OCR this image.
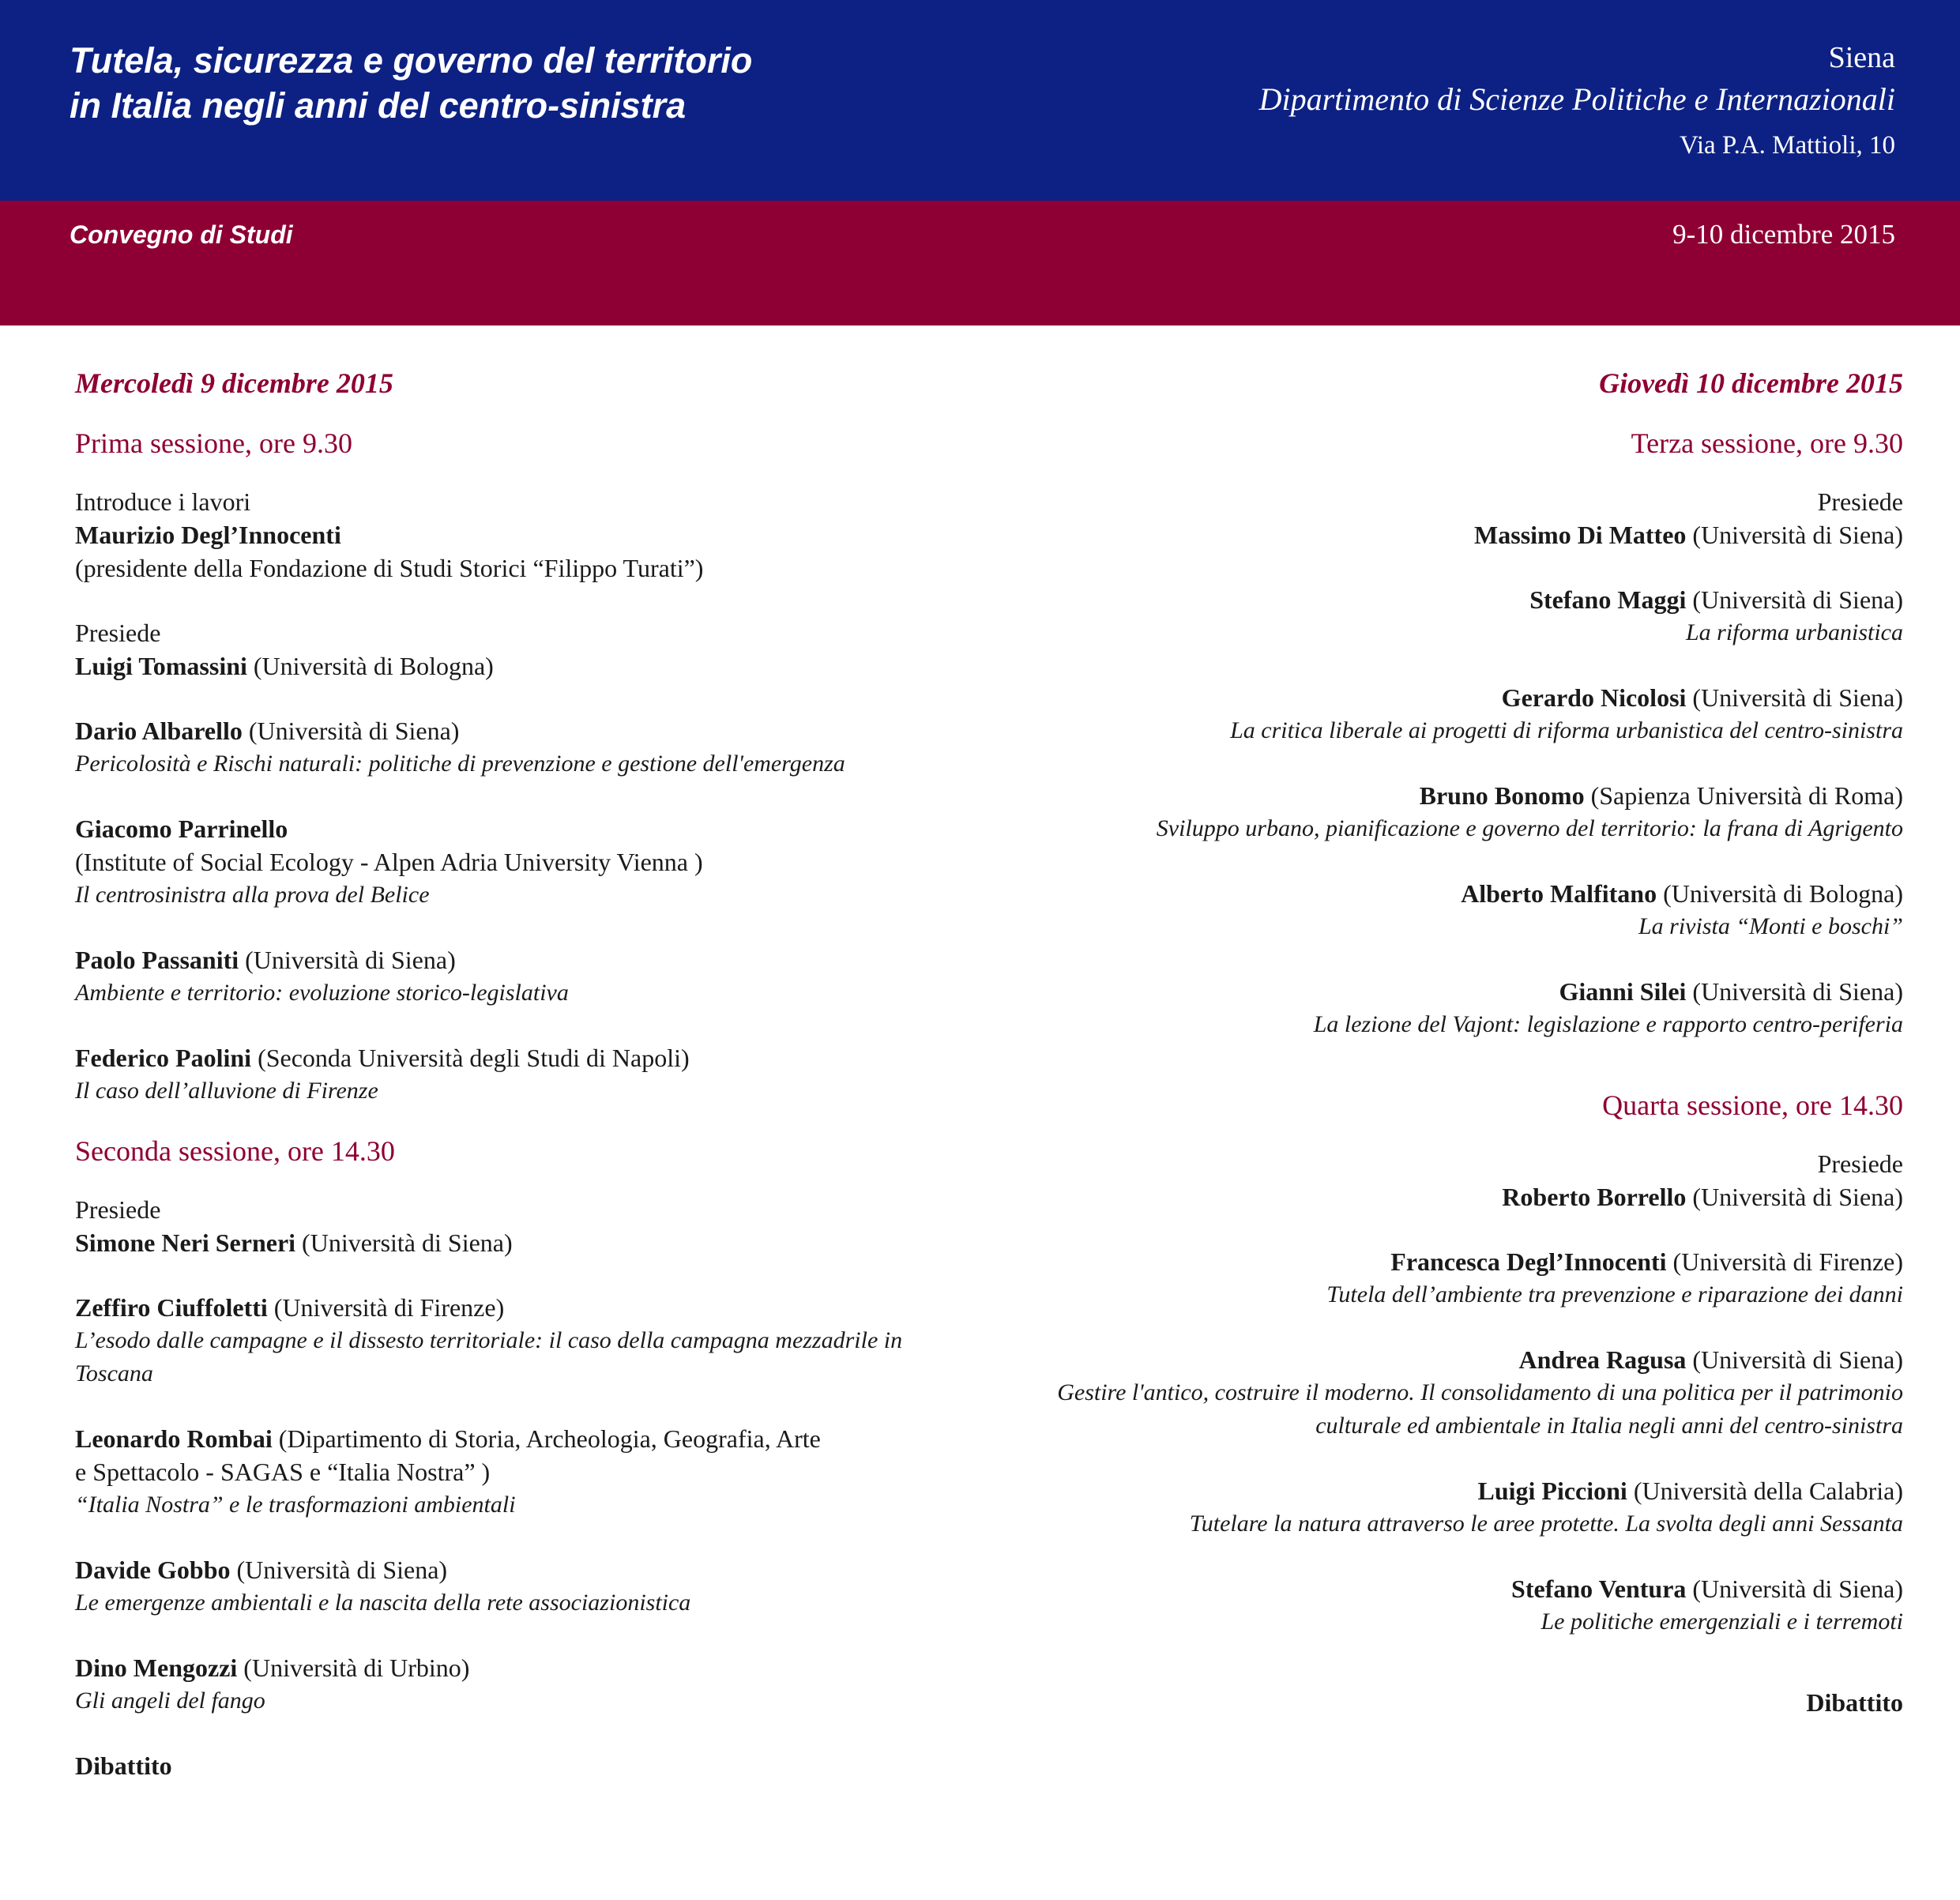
Tutela, sicurezza e governo del territorio
in Italia negli anni del centro-sinistra
Siena
Dipartimento di Scienze Politiche e Internazionali
Via P.A. Mattioli, 10
Convegno di Studi	9-10 dicembre 2015
Mercoledì 9 dicembre 2015
Prima sessione, ore 9.30
Introduce i lavori
Maurizio Degl’Innocenti
(presidente della Fondazione di Studi Storici “Filippo Turati”)
Presiede
Luigi Tomassini (Università di Bologna)
Dario Albarello (Università di Siena)
Pericolosità e Rischi naturali: politiche di prevenzione e gestione dell'emergenza
Giacomo Parrinello
(Institute of Social Ecology - Alpen Adria University Vienna )
Il centrosinistra alla prova del Belice
Paolo Passaniti (Università di Siena)
Ambiente e territorio: evoluzione storico-legislativa
Federico Paolini (Seconda Università degli Studi di Napoli)
Il caso dell’alluvione di Firenze
Seconda sessione, ore 14.30
Presiede
Simone Neri Serneri (Università di Siena)
Zeffiro Ciuffoletti (Università di Firenze)
L’esodo dalle campagne e il dissesto territoriale: il caso della campagna mezzadrile in
Toscana
Leonardo Rombai (Dipartimento di Storia, Archeologia, Geografia, Arte
e Spettacolo - SAGAS e “Italia Nostra” )
“Italia Nostra” e le trasformazioni ambientali
Davide Gobbo (Università di Siena)
Le emergenze ambientali e la nascita della rete associazionistica
Dino Mengozzi (Università di Urbino)
Gli angeli del fango
Dibattito
Giovedì 10 dicembre 2015
Terza sessione, ore 9.30
Presiede
Massimo Di Matteo (Università di Siena)
Stefano Maggi (Università di Siena)
La riforma urbanistica
Gerardo Nicolosi (Università di Siena)
La critica liberale ai progetti di riforma urbanistica del centro-sinistra
Bruno Bonomo (Sapienza Università di Roma)
Sviluppo urbano, pianificazione e governo del territorio: la frana di Agrigento
Alberto Malfitano (Università di Bologna)
La rivista “Monti e boschi”
Gianni Silei (Università di Siena)
La lezione del Vajont: legislazione e rapporto centro-periferia
Quarta sessione, ore 14.30
Presiede
Roberto Borrello (Università di Siena)
Francesca Degl’Innocenti (Università di Firenze)
Tutela dell’ambiente tra prevenzione e riparazione dei danni
Andrea Ragusa (Università di Siena)
Gestire l'antico, costruire il moderno. Il consolidamento di una politica per il patrimonio
culturale ed ambientale in Italia negli anni del centro-sinistra
Luigi Piccioni (Università della Calabria)
Tutelare la natura attraverso le aree protette. La svolta degli anni Sessanta
Stefano Ventura (Università di Siena)
Le politiche emergenziali e i terremoti
Dibattito
